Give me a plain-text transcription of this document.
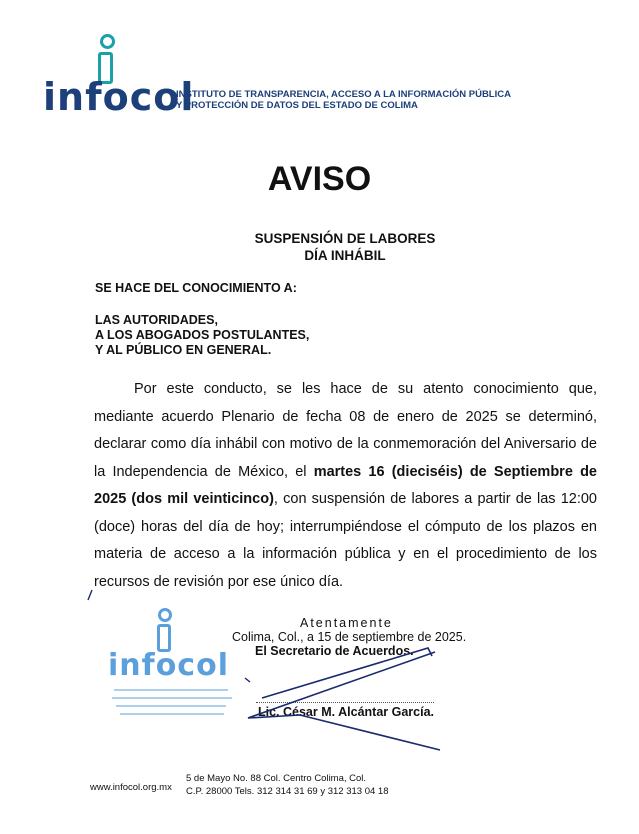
infocol
INSTITUTO DE TRANSPARENCIA, ACCESO A LA INFORMACIÓN PÚBLICA
Y PROTECCIÓN DE DATOS DEL ESTADO DE COLIMA
AVISO
SUSPENSIÓN DE LABORES
DÍA INHÁBIL
SE HACE DEL CONOCIMIENTO A:
LAS AUTORIDADES,
A LOS ABOGADOS POSTULANTES,
Y AL PÚBLICO EN GENERAL.
Por este conducto, se les hace de su atento conocimiento que, mediante acuerdo Plenario de fecha 08 de enero de 2025 se determinó, declarar como día inhábil con motivo de la conmemoración del Aniversario de la Independencia de México, el martes 16 (dieciséis) de Septiembre de 2025 (dos mil veinticinco), con suspensión de labores a partir de las 12:00 (doce) horas del día de hoy; interrumpiéndose el cómputo de los plazos en materia de acceso a la información pública y en el procedimiento de los recursos de revisión por ese único día.
infocol
Atentamente
Colima, Col., a 15 de septiembre de 2025.
El Secretario de Acuerdos.
Lic. César M. Alcántar García.
www.infocol.org.mx
5 de Mayo No. 88 Col. Centro Colima, Col.
C.P. 28000 Tels. 312 314 31 69 y 312 313 04 18
